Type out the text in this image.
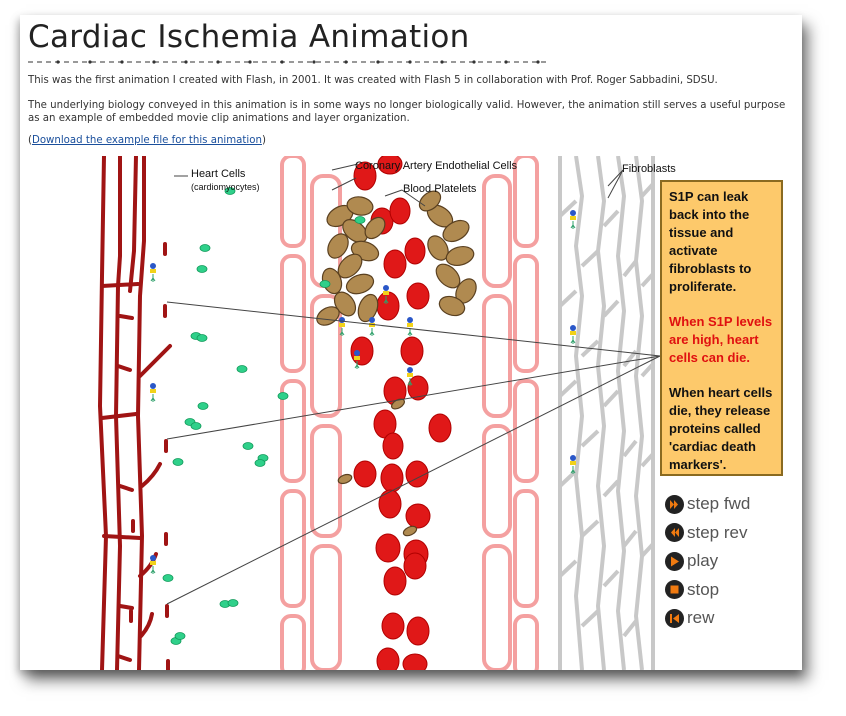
Cardiac Ischemia Animation

This was the first animation I created with Flash, in 2001. It was created with Flash 5 in collaboration with Prof. Roger Sabbadini, SDSU.

The underlying biology conveyed in this animation is in some ways no longer biologically valid. However, the animation still serves a useful purpose as an example of embedded movie clip animations and layer organization.

(Download the example file for this animation)
Heart Cells
(cardiomyocytes)
Coronary Artery Endothelial Cells
Blood Platelets
Fibroblasts

S1P can leak back into the tissue and activate fibroblasts to proliferate.

When S1P levels are high, heart cells can die.

When heart cells die, they release proteins called 'cardiac death markers'.

step fwd
step rev
play
stop
rew
